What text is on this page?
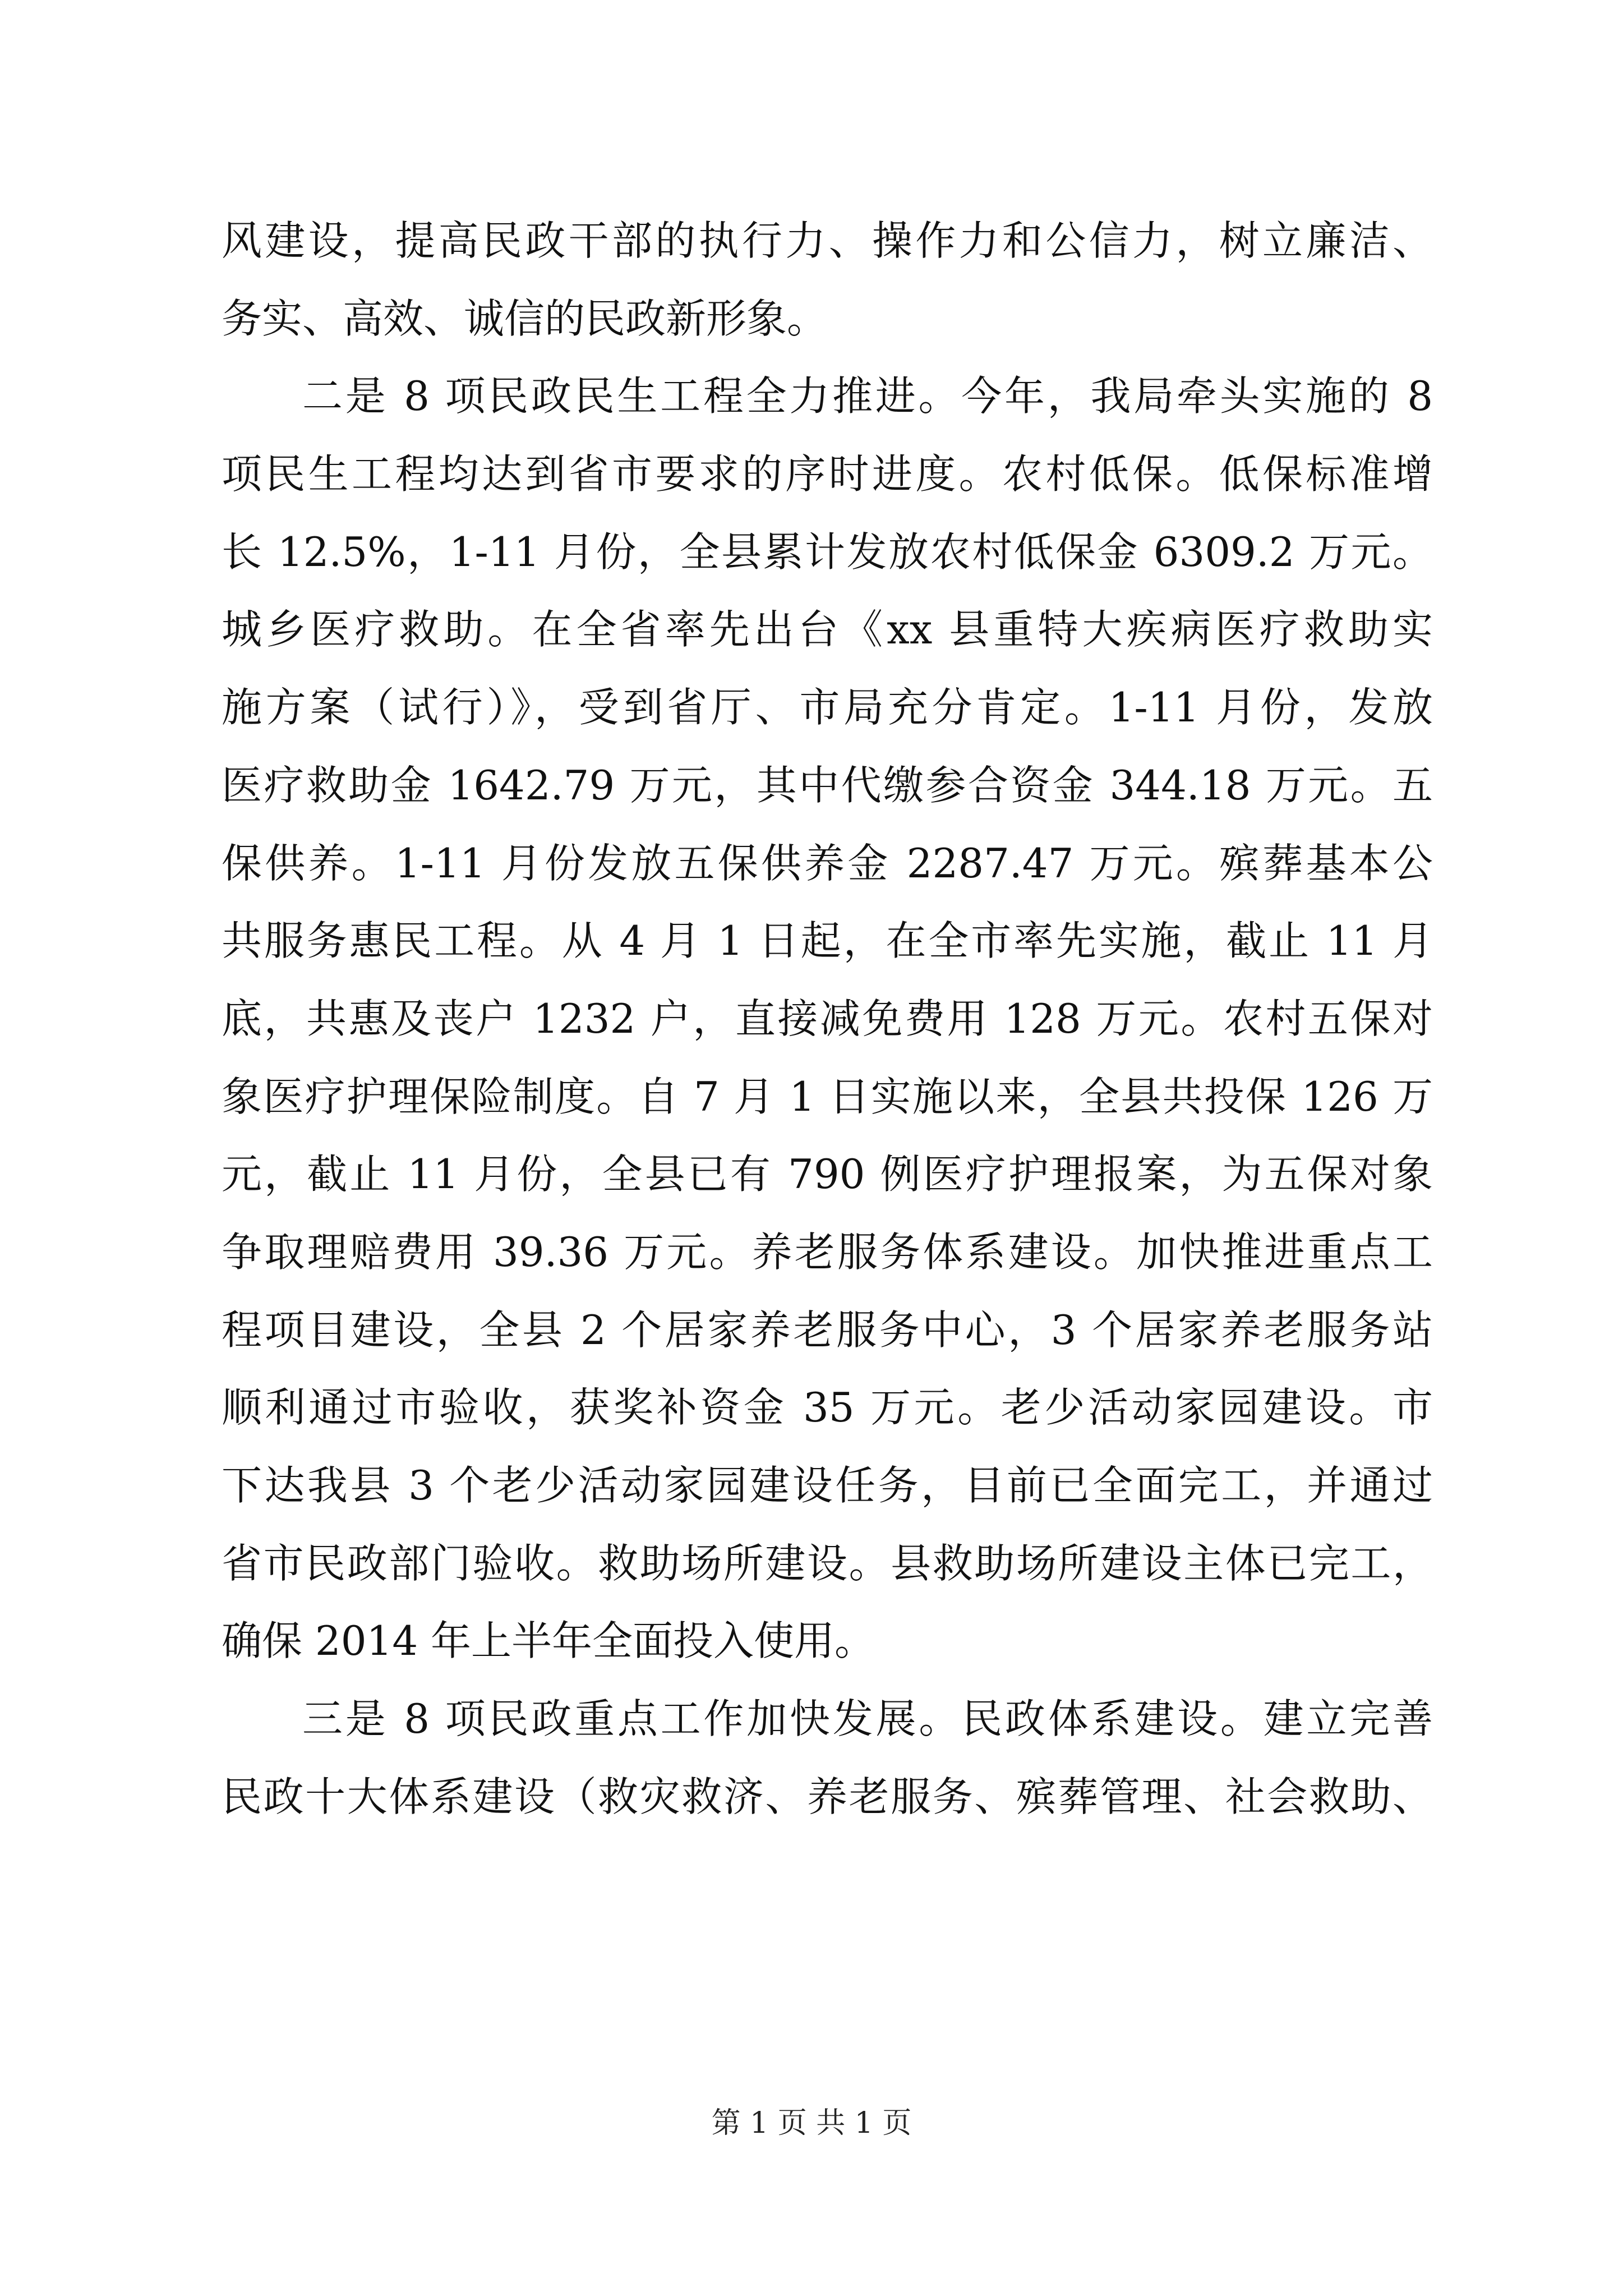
风建设，提高民政干部的执行力、操作力和公信力，树立廉洁、
务实、高效、诚信的民政新形象。
二是 8 项民政民生工程全力推进。今年，我局牵头实施的 8
项民生工程均达到省市要求的序时进度。农村低保。低保标准增
长 12.5%，1-11 月份，全县累计发放农村低保金 6309.2 万元。
城乡医疗救助。在全省率先出台《xx 县重特大疾病医疗救助实
施方案（试行）》，受到省厅、市局充分肯定。1-11 月份，发放
医疗救助金 1642.79 万元，其中代缴参合资金 344.18 万元。五
保供养。1-11 月份发放五保供养金 2287.47 万元。殡葬基本公
共服务惠民工程。从 4 月 1 日起，在全市率先实施，截止 11 月
底，共惠及丧户 1232 户，直接减免费用 128 万元。农村五保对
象医疗护理保险制度。自 7 月 1 日实施以来，全县共投保 126 万
元，截止 11 月份，全县已有 790 例医疗护理报案，为五保对象
争取理赔费用 39.36 万元。养老服务体系建设。加快推进重点工
程项目建设，全县 2 个居家养老服务中心，3 个居家养老服务站
顺利通过市验收，获奖补资金 35 万元。老少活动家园建设。市
下达我县 3 个老少活动家园建设任务，目前已全面完工，并通过
省市民政部门验收。救助场所建设。县救助场所建设主体已完工，
确保 2014 年上半年全面投入使用。
三是 8 项民政重点工作加快发展。民政体系建设。建立完善
民政十大体系建设（救灾救济、养老服务、殡葬管理、社会救助、
第 1 页 共 1 页
